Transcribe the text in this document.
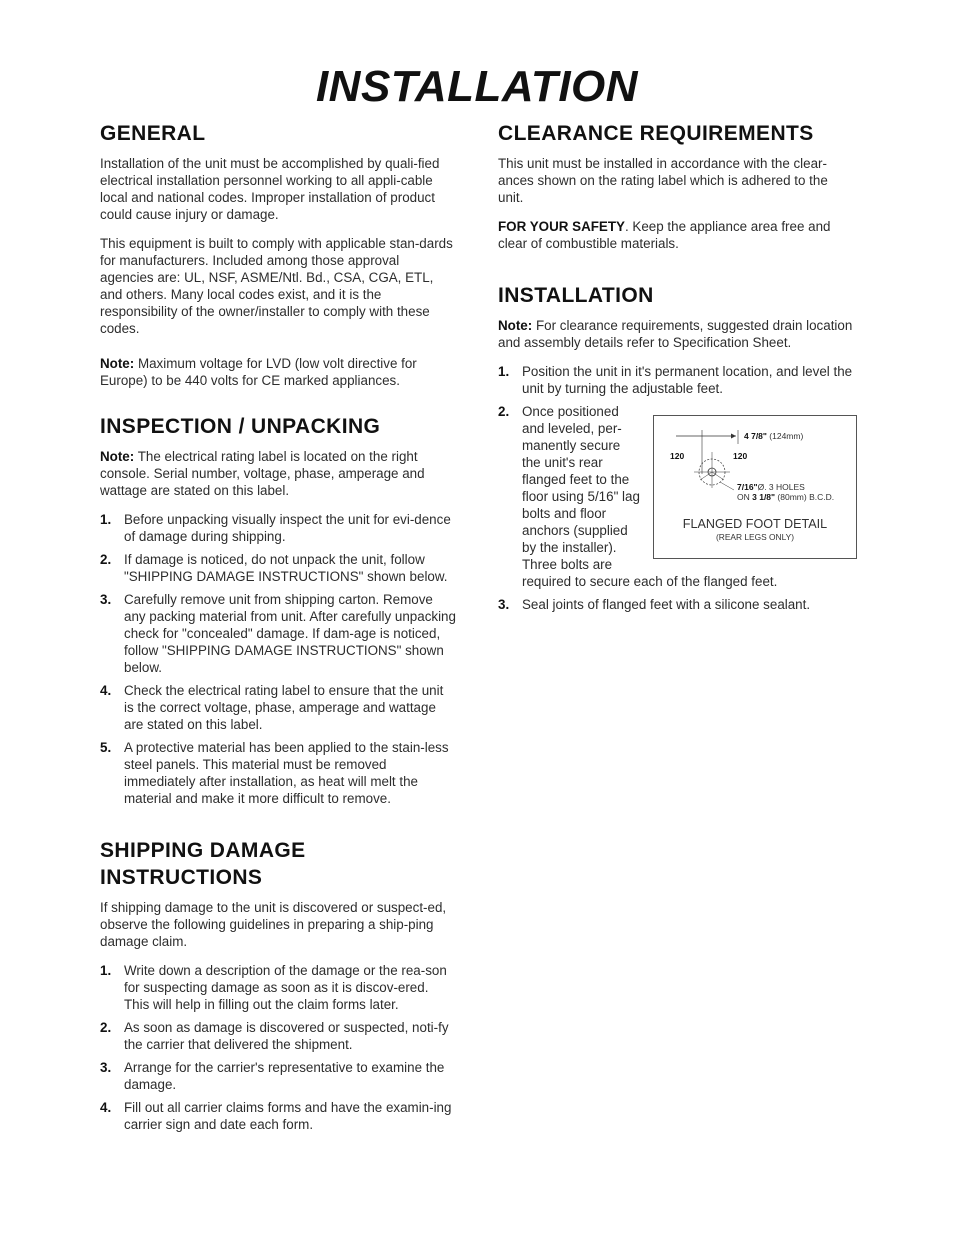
INSTALLATION
GENERAL

Installation of the unit must be accomplished by quali-fied electrical installation personnel working to all appli-cable local and national codes. Improper installation of product could cause injury or damage.

This equipment is built to comply with applicable stan-dards for manufacturers. Included among those approval agencies are: UL, NSF, ASME/Ntl. Bd., CSA, CGA, ETL, and others. Many local codes exist, and it is the responsibility of the owner/installer to comply with these codes.

Note: Maximum voltage for LVD (low volt directive for Europe) to be 440 volts for CE marked appliances.

INSPECTION / UNPACKING

Note: The electrical rating label is located on the right console. Serial number, voltage, phase, amperage and wattage are stated on this label.

1. Before unpacking visually inspect the unit for evi-dence of damage during shipping.
2. If damage is noticed, do not unpack the unit, follow "SHIPPING DAMAGE INSTRUCTIONS" shown below.
3. Carefully remove unit from shipping carton. Remove any packing material from unit. After carefully unpacking check for "concealed" damage. If dam-age is noticed, follow "SHIPPING DAMAGE INSTRUCTIONS" shown below.
4. Check the electrical rating label to ensure that the unit is the correct voltage, phase, amperage and wattage are stated on this label.
5. A protective material has been applied to the stain-less steel panels. This material must be removed immediately after installation, as heat will melt the material and make it more difficult to remove.
SHIPPING DAMAGE INSTRUCTIONS

If shipping damage to the unit is discovered or suspect-ed, observe the following guidelines in preparing a ship-ping damage claim.

1. Write down a description of the damage or the rea-son for suspecting damage as soon as it is discov-ered. This will help in filling out the claim forms later.
2. As soon as damage is discovered or suspected, noti-fy the carrier that delivered the shipment.
3. Arrange for the carrier's representative to examine the damage.
4. Fill out all carrier claims forms and have the examin-ing carrier sign and date each form.
CLEARANCE REQUIREMENTS

This unit must be installed in accordance with the clear-ances shown on the rating label which is adhered to the unit.

FOR YOUR SAFETY. Keep the appliance area free and clear of combustible materials.

INSTALLATION

Note: For clearance requirements, suggested drain location and assembly details refer to Specification Sheet.

1. Position the unit in it's permanent location, and level the unit by turning the adjustable feet.
2. Once positioned and leveled, per-manently secure the unit's rear flanged feet to the floor using 5/16" lag bolts and floor anchors (supplied by the installer). Three bolts are
required to secure each of the flanged feet.
3. Seal joints of flanged feet with a silicone sealant.
4 7/8" (124mm)
120	120
7/16"Ø. 3 HOLES
ON 3 1/8" (80mm) B.C.D.
FLANGED FOOT DETAIL
(REAR LEGS ONLY)
